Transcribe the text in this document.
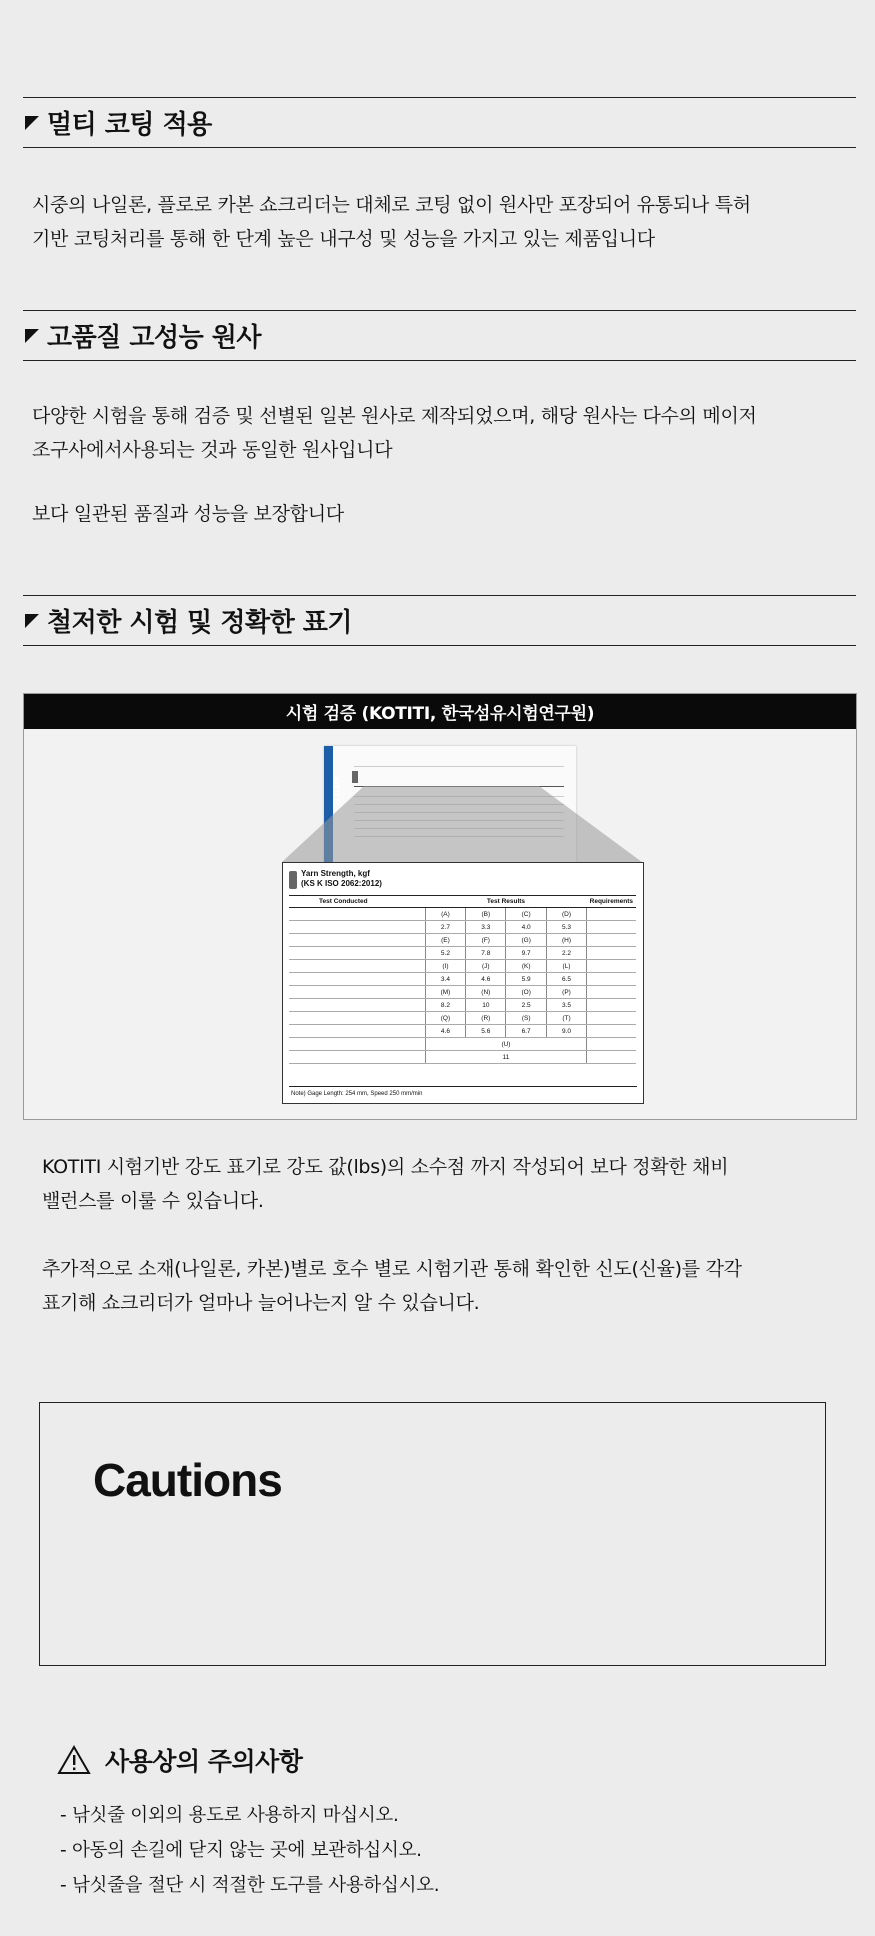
멀티 코팅 적용
시중의 나일론, 플로로 카본 쇼크리더는 대체로 코팅 없이 원사만 포장되어 유통되나 특허
기반 코팅처리를 통해 한 단계 높은 내구성 및 성능을 가지고 있는 제품입니다
고품질 고성능 원사
다양한 시험을 통해 검증 및 선별된 일본 원사로 제작되었으며, 해당 원사는 다수의 메이저
조구사에서사용되는 것과 동일한 원사입니다
보다 일관된 품질과 성능을 보장합니다
철저한 시험 및 정확한 표기
시험 검증 (KOTITI, 한국섬유시험연구원)
KOTITI
Yarn Strength, kgf
(KS K ISO 2062:2012)
Test Conducted	Test Results				Requirements
	(A)	(B)	(C)	(D)	
	2.7	3.3	4.0	5.3	
	(E)	(F)	(G)	(H)	
	5.2	7.8	9.7	2.2	
	(I)	(J)	(K)	(L)	
	3.4	4.6	5.9	6.5	
	(M)	(N)	(O)	(P)	
	8.2	10	2.5	3.5	
	(Q)	(R)	(S)	(T)	
	4.6	5.6	6.7	9.0	
	(U)				
	11				
Note) Gage Length: 254 mm, Speed 250 mm/min
KOTITI 시험기반 강도 표기로 강도 값(lbs)의 소수점 까지 작성되어 보다 정확한 채비
밸런스를 이룰 수 있습니다.
추가적으로 소재(나일론, 카본)별로 호수 별로 시험기관 통해 확인한 신도(신율)를 각각
표기해 쇼크리더가 얼마나 늘어나는지 알 수 있습니다.
Cautions
사용상의 주의사항
- 낚싯줄 이외의 용도로 사용하지 마십시오.
- 아동의 손길에 닫지 않는 곳에 보관하십시오.
- 낚싯줄을 절단 시 적절한 도구를 사용하십시오.
